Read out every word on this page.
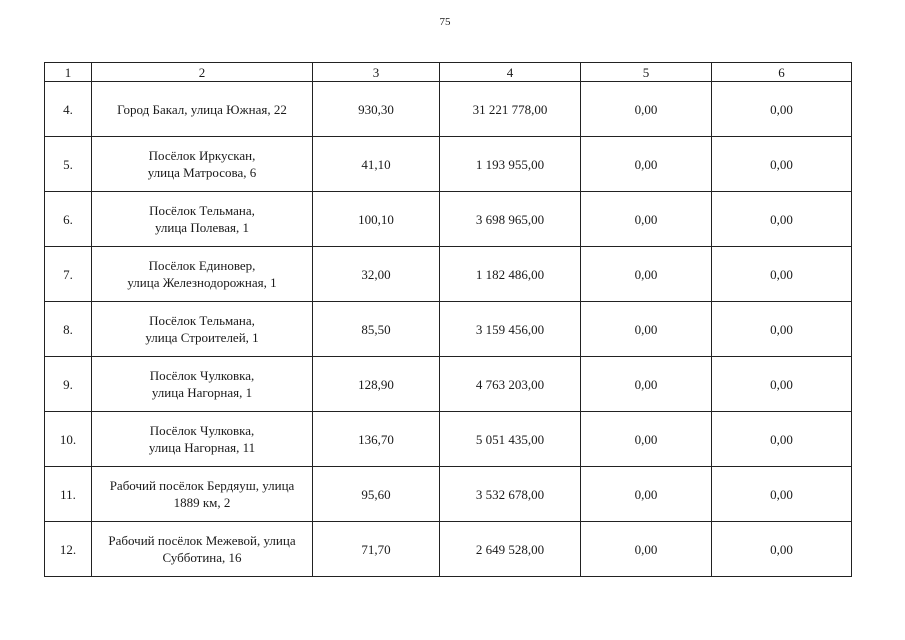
75
1	2	3	4	5	6
4.	Город Бакал, улица Южная, 22	930,30	31 221 778,00	0,00	0,00
5.	Посёлок Иркускан,
улица Матросова, 6	41,10	1 193 955,00	0,00	0,00
6.	Посёлок Тельмана,
улица Полевая, 1	100,10	3 698 965,00	0,00	0,00
7.	Посёлок Единовер,
улица Железнодорожная, 1	32,00	1 182 486,00	0,00	0,00
8.	Посёлок Тельмана,
улица Строителей, 1	85,50	3 159 456,00	0,00	0,00
9.	Посёлок Чулковка,
улица Нагорная, 1	128,90	4 763 203,00	0,00	0,00
10.	Посёлок Чулковка,
улица Нагорная, 11	136,70	5 051 435,00	0,00	0,00
11.	Рабочий посёлок Бердяуш, улица
1889 км, 2	95,60	3 532 678,00	0,00	0,00
12.	Рабочий посёлок Межевой, улица
Субботина, 16	71,70	2 649 528,00	0,00	0,00
